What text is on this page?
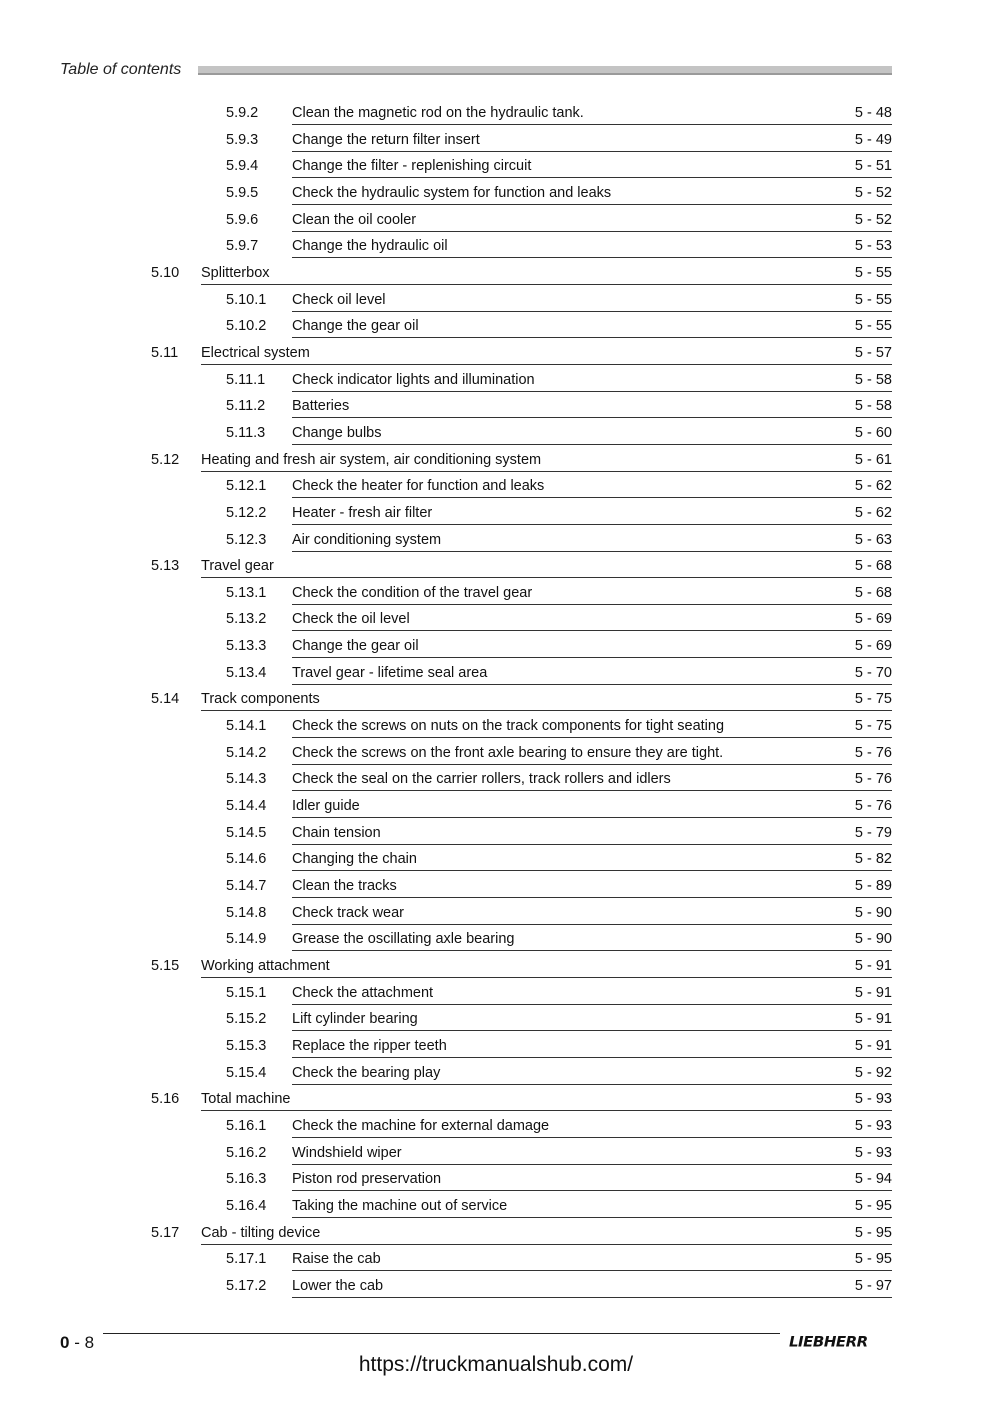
Table of contents
5.9.2 Clean the magnetic rod on the hydraulic tank.	5 - 48
5.9.3 Change the return filter insert	5 - 49
5.9.4 Change the filter - replenishing circuit	5 - 51
5.9.5 Check the hydraulic system for function and leaks	5 - 52
5.9.6 Clean the oil cooler	5 - 52
5.9.7 Change the hydraulic oil	5 - 53
5.10 Splitterbox	5 - 55
5.10.1 Check oil level	5 - 55
5.10.2 Change the gear oil	5 - 55
5.11 Electrical system	5 - 57
5.11.1 Check indicator lights and illumination	5 - 58
5.11.2 Batteries	5 - 58
5.11.3 Change bulbs	5 - 60
5.12 Heating and fresh air system, air conditioning system	5 - 61
5.12.1 Check the heater for function and leaks	5 - 62
5.12.2 Heater - fresh air filter	5 - 62
5.12.3 Air conditioning system	5 - 63
5.13 Travel gear	5 - 68
5.13.1 Check the condition of the travel gear	5 - 68
5.13.2 Check the oil level	5 - 69
5.13.3 Change the gear oil	5 - 69
5.13.4 Travel gear - lifetime seal area	5 - 70
5.14 Track components	5 - 75
5.14.1 Check the screws on nuts on the track components for tight seating	5 - 75
5.14.2 Check the screws on the front axle bearing to ensure they are tight.	5 - 76
5.14.3 Check the seal on the carrier rollers, track rollers and idlers	5 - 76
5.14.4 Idler guide	5 - 76
5.14.5 Chain tension	5 - 79
5.14.6 Changing the chain	5 - 82
5.14.7 Clean the tracks	5 - 89
5.14.8 Check track wear	5 - 90
5.14.9 Grease the oscillating axle bearing	5 - 90
5.15 Working attachment	5 - 91
5.15.1 Check the attachment	5 - 91
5.15.2 Lift cylinder bearing	5 - 91
5.15.3 Replace the ripper teeth	5 - 91
5.15.4 Check the bearing play	5 - 92
5.16 Total machine	5 - 93
5.16.1 Check the machine for external damage	5 - 93
5.16.2 Windshield wiper	5 - 93
5.16.3 Piston rod preservation	5 - 94
5.16.4 Taking the machine out of service	5 - 95
5.17 Cab - tilting device	5 - 95
5.17.1 Raise the cab	5 - 95
5.17.2 Lower the cab	5 - 97
0 - 8	LIEBHERR
https://truckmanualshub.com/
